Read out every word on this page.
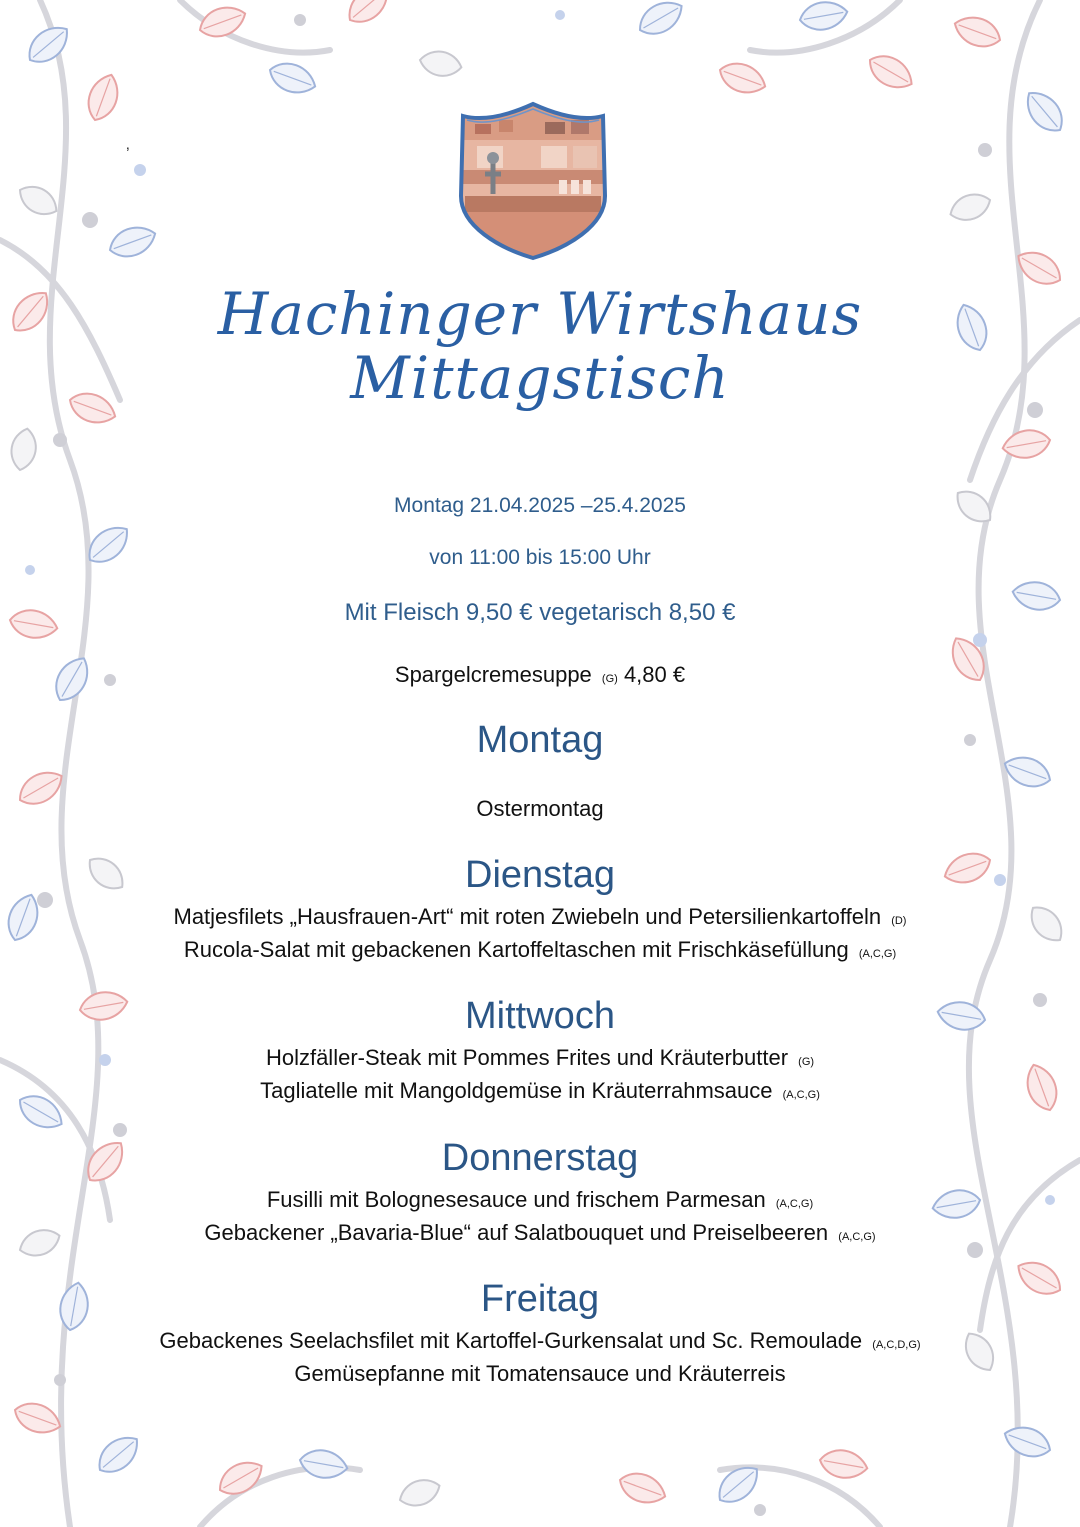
‚
Hachinger Wirtshaus
Mittagstisch
Montag 21.04.2025 –25.4.2025
von 11:00 bis 15:00 Uhr
Mit Fleisch 9,50 € vegetarisch 8,50 €
Spargelcremesuppe (G) 4,80 €
Montag
Ostermontag
Dienstag
Matjesfilets „Hausfrauen-Art“ mit roten Zwiebeln und Petersilienkartoffeln (D)
Rucola-Salat mit gebackenen Kartoffeltaschen mit Frischkäsefüllung (A,C,G)
Mittwoch
Holzfäller-Steak mit Pommes Frites und Kräuterbutter (G)
Tagliatelle mit Mangoldgemüse in Kräuterrahmsauce (A,C,G)
Donnerstag
Fusilli mit Bolognesesauce und frischem Parmesan (A,C,G)
Gebackener „Bavaria-Blue“ auf Salatbouquet und Preiselbeeren (A,C,G)
Freitag
Gebackenes Seelachsfilet mit Kartoffel-Gurkensalat und Sc. Remoulade (A,C,D,G)
Gemüsepfanne mit Tomatensauce und Kräuterreis
